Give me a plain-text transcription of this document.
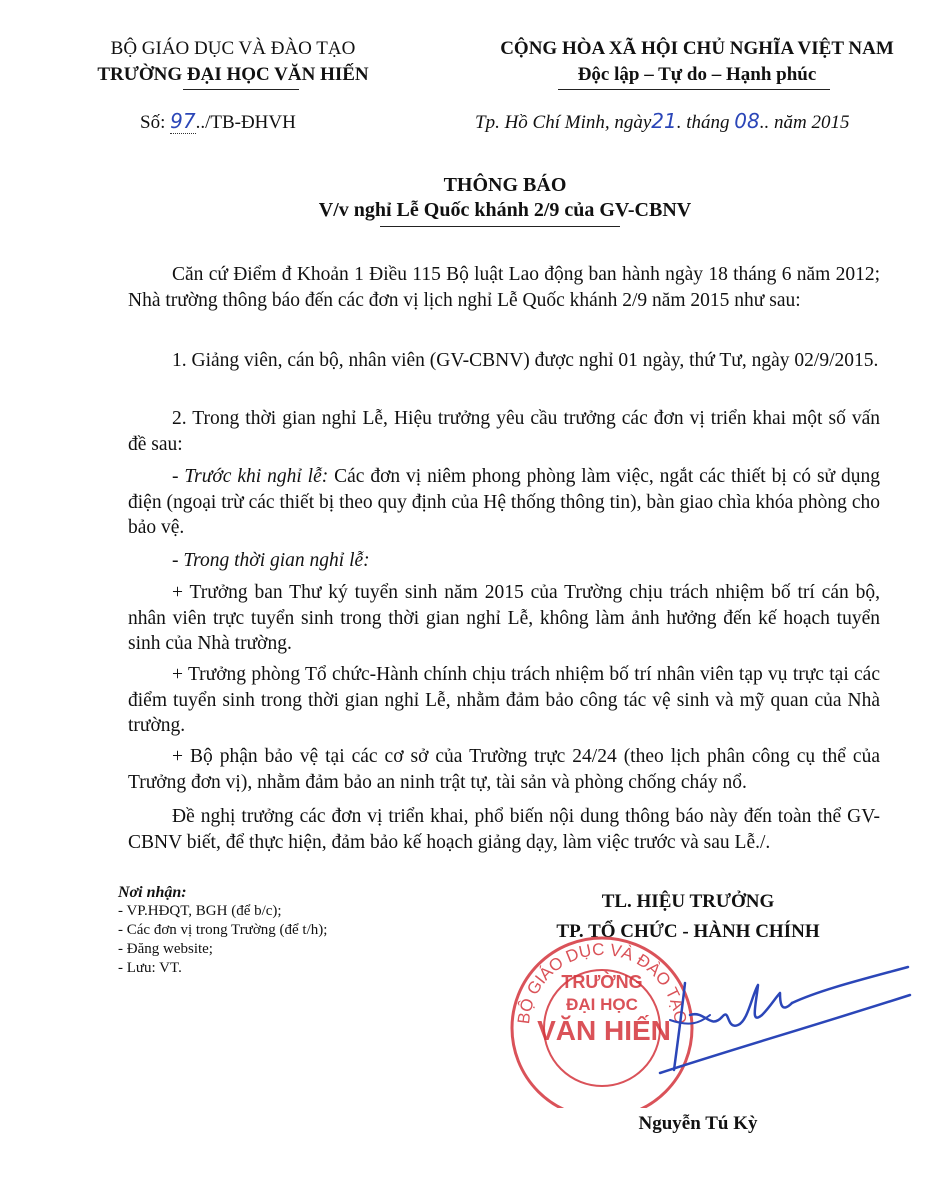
BỘ GIÁO DỤC VÀ ĐÀO TẠO
TRƯỜNG ĐẠI HỌC VĂN HIẾN
Số: 97../TB-ĐHVH
CỘNG HÒA XÃ HỘI CHỦ NGHĨA VIỆT NAM
Độc lập – Tự do – Hạnh phúc
Tp. Hồ Chí Minh, ngày21. tháng 08.. năm 2015
THÔNG BÁO
V/v nghỉ Lễ Quốc khánh 2/9 của GV-CBNV
Căn cứ Điểm đ Khoản 1 Điều 115 Bộ luật Lao động ban hành ngày 18 tháng 6 năm 2012; Nhà trường thông báo đến các đơn vị lịch nghỉ Lễ Quốc khánh 2/9 năm 2015 như sau:
1. Giảng viên, cán bộ, nhân viên (GV-CBNV) được nghỉ 01 ngày, thứ Tư, ngày 02/9/2015.
2. Trong thời gian nghỉ Lễ, Hiệu trưởng yêu cầu trưởng các đơn vị triển khai một số vấn đề sau:
- Trước khi nghỉ lễ: Các đơn vị niêm phong phòng làm việc, ngắt các thiết bị có sử dụng điện (ngoại trừ các thiết bị theo quy định của Hệ thống thông tin), bàn giao chìa khóa phòng cho bảo vệ.
- Trong thời gian nghỉ lễ:
+ Trưởng ban Thư ký tuyển sinh năm 2015 của Trường chịu trách nhiệm bố trí cán bộ, nhân viên trực tuyển sinh trong thời gian nghỉ Lễ, không làm ảnh hưởng đến kế hoạch tuyển sinh của Nhà trường.
+ Trưởng phòng Tổ chức-Hành chính chịu trách nhiệm bố trí nhân viên tạp vụ trực tại các điểm tuyển sinh trong thời gian nghỉ Lễ, nhằm đảm bảo công tác vệ sinh và mỹ quan của Nhà trường.
+ Bộ phận bảo vệ tại các cơ sở của Trường trực 24/24 (theo lịch phân công cụ thể của Trưởng đơn vị), nhằm đảm bảo an ninh trật tự, tài sản và phòng chống cháy nổ.
Đề nghị trưởng các đơn vị triển khai, phổ biến nội dung thông báo này đến toàn thể GV-CBNV biết, để thực hiện, đảm bảo kế hoạch giảng dạy, làm việc trước và sau Lễ./.
Nơi nhận:
- VP.HĐQT, BGH (để b/c);
- Các đơn vị trong Trường (để t/h);
- Đăng website;
- Lưu: VT.
TL. HIỆU TRƯỞNG
TP. TỔ CHỨC - HÀNH CHÍNH
BỘ GIÁO DỤC VÀ ĐÀO TẠO
TRƯỜNG
ĐẠI HỌC
VĂN HIẾN
Nguyễn Tú Kỳ
